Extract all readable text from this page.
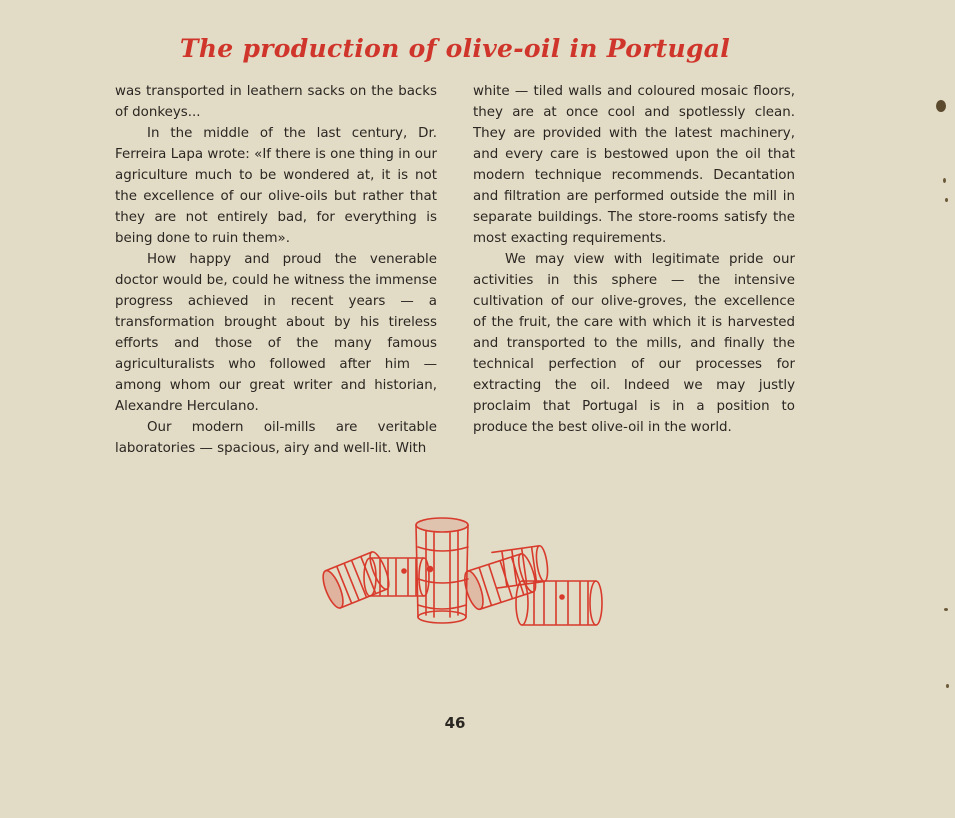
The production of olive-oil in Portugal

was transported in leathern sacks on the backs of donkeys...

In the middle of the last century, Dr. Ferreira Lapa wrote: «If there is one thing in our agriculture much to be wondered at, it is not the excellence of our olive-oils but rather that they are not entirely bad, for everything is being done to ruin them».

How happy and proud the venerable doctor would be, could he witness the immense progress achieved in recent years — a transformation brought about by his tireless efforts and those of the many famous agriculturalists who followed after him — among whom our great writer and historian, Alexandre Herculano.

Our modern oil-mills are veritable laboratories — spacious, airy and well-lit. With

white — tiled walls and coloured mosaic floors, they are at once cool and spotlessly clean. They are provided with the latest machinery, and every care is bestowed upon the oil that modern technique recommends. Decantation and filtration are performed outside the mill in separate buildings. The store-rooms satisfy the most exacting requirements.

We may view with legitimate pride our activities in this sphere — the intensive cultivation of our olive-groves, the excellence of the fruit, the care with which it is harvested and transported to the mills, and finally the technical perfection of our processes for extracting the oil. Indeed we may justly proclaim that Portugal is in a position to produce the best olive-oil in the world.

46
